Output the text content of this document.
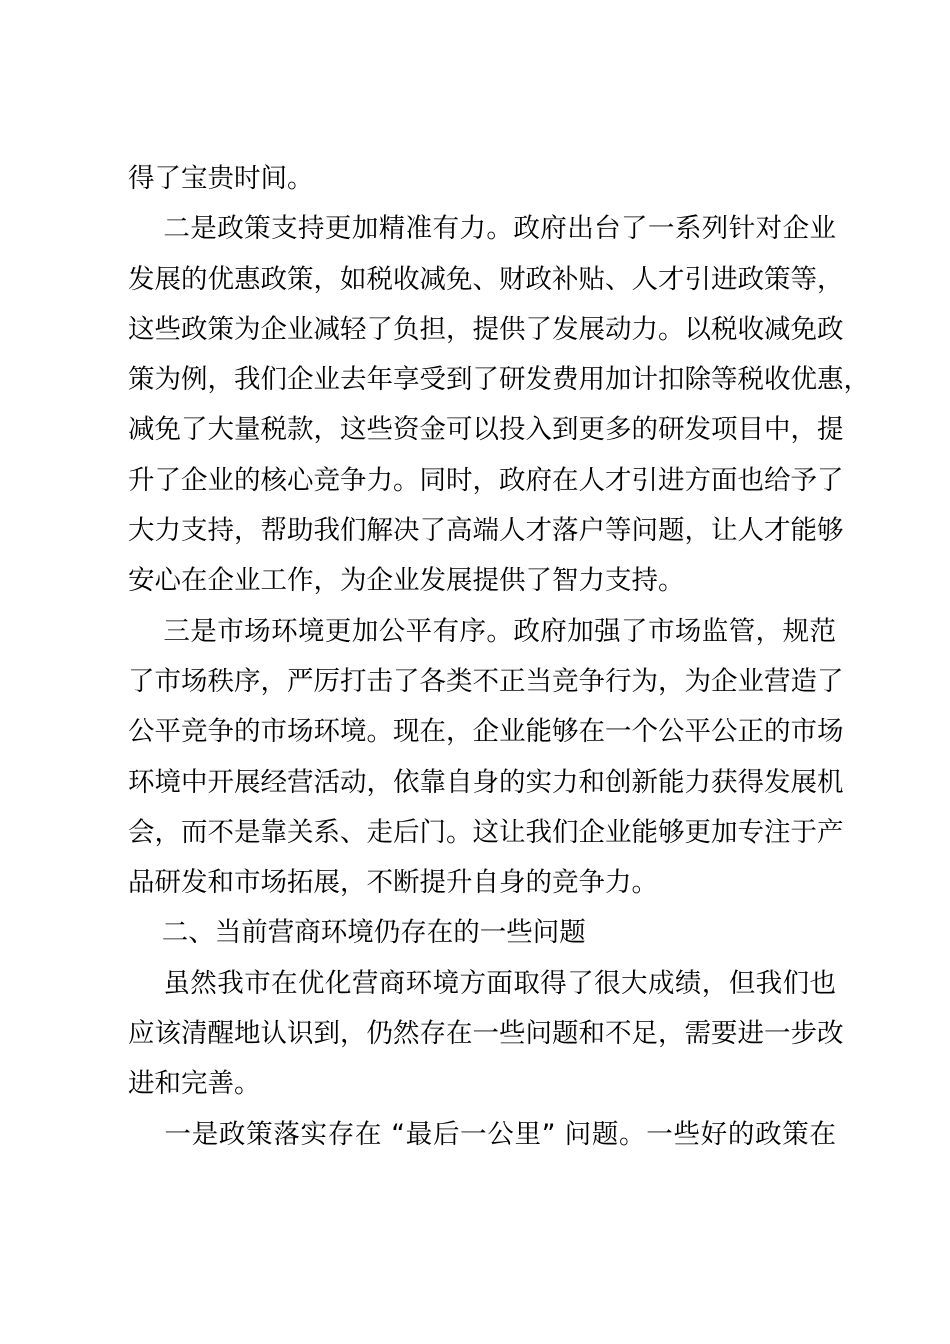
得了宝贵时间。
二是政策支持更加精准有力。政府出台了一系列针对企业
发展的优惠政策，如税收减免、财政补贴、人才引进政策等，
这些政策为企业减轻了负担，提供了发展动力。以税收减免政
策为例，我们企业去年享受到了研发费用加计扣除等税收优惠，
减免了大量税款，这些资金可以投入到更多的研发项目中，提
升了企业的核心竞争力。同时，政府在人才引进方面也给予了
大力支持，帮助我们解决了高端人才落户等问题，让人才能够
安心在企业工作，为企业发展提供了智力支持。
三是市场环境更加公平有序。政府加强了市场监管，规范
了市场秩序，严厉打击了各类不正当竞争行为，为企业营造了
公平竞争的市场环境。现在，企业能够在一个公平公正的市场
环境中开展经营活动，依靠自身的实力和创新能力获得发展机
会，而不是靠关系、走后门。这让我们企业能够更加专注于产
品研发和市场拓展，不断提升自身的竞争力。
二、当前营商环境仍存在的一些问题
虽然我市在优化营商环境方面取得了很大成绩，但我们也
应该清醒地认识到，仍然存在一些问题和不足，需要进一步改
进和完善。
一是政策落实存在 “最后一公里” 问题。一些好的政策在
